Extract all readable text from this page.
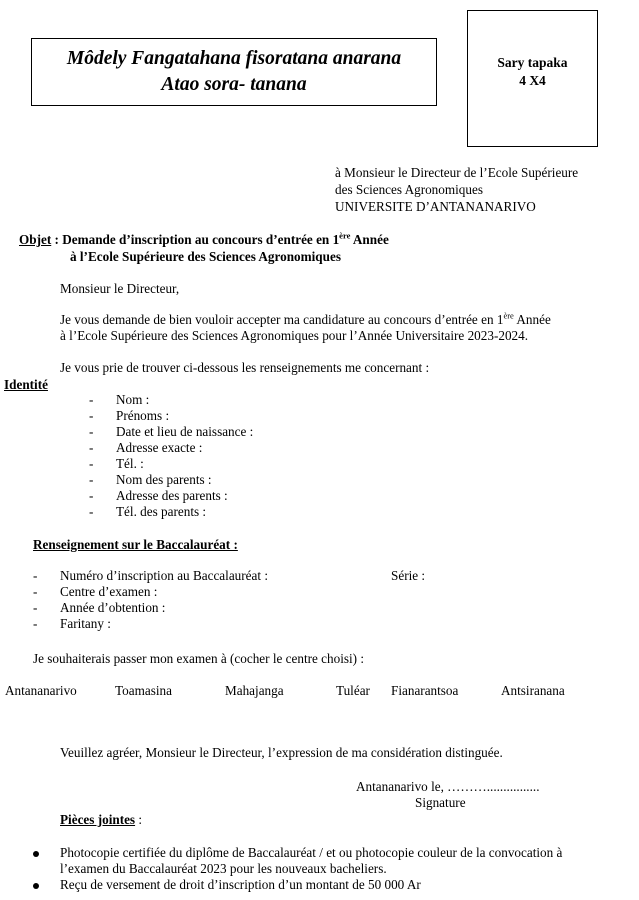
Môdely Fangatahana fisoratana anarana
Atao sora- tanana
Sary tapaka
4 X4
à Monsieur le Directeur de l’Ecole Supérieure
des Sciences Agronomiques
UNIVERSITE D’ANTANANARIVO
Objet : Demande d’inscription au concours d’entrée en 1ère Année
à l’Ecole Supérieure des Sciences Agronomiques
Monsieur le Directeur,
Je vous demande de bien vouloir accepter ma candidature au concours d’entrée en 1ère Année
à l’Ecole Supérieure des Sciences Agronomiques pour l’Année Universitaire 2023-2024.
Je vous prie de trouver ci-dessous les renseignements me concernant :
Identité
- Nom :
- Prénoms :
- Date et lieu de naissance :
- Adresse exacte :
- Tél. :
- Nom des parents :
- Adresse des parents :
- Tél. des parents :
Renseignement sur le Baccalauréat :
- Numéro d’inscription au Baccalauréat :	Série :
- Centre d’examen :
- Année d’obtention :
- Faritany :
Je souhaiterais passer mon examen à (cocher le centre choisi) :
Antananarivo	Toamasina	Mahajanga	Tuléar Fianarantsoa	Antsiranana
Veuillez agréer, Monsieur le Directeur, l’expression de ma considération distinguée.
Antananarivo le, ………................
Signature
Pièces jointes :
Photocopie certifiée du diplôme de Baccalauréat / et ou photocopie couleur de la convocation à
l’examen du Baccalauréat 2023 pour les nouveaux bacheliers.
Reçu de versement de droit d’inscription d’un montant de 50 000 Ar
